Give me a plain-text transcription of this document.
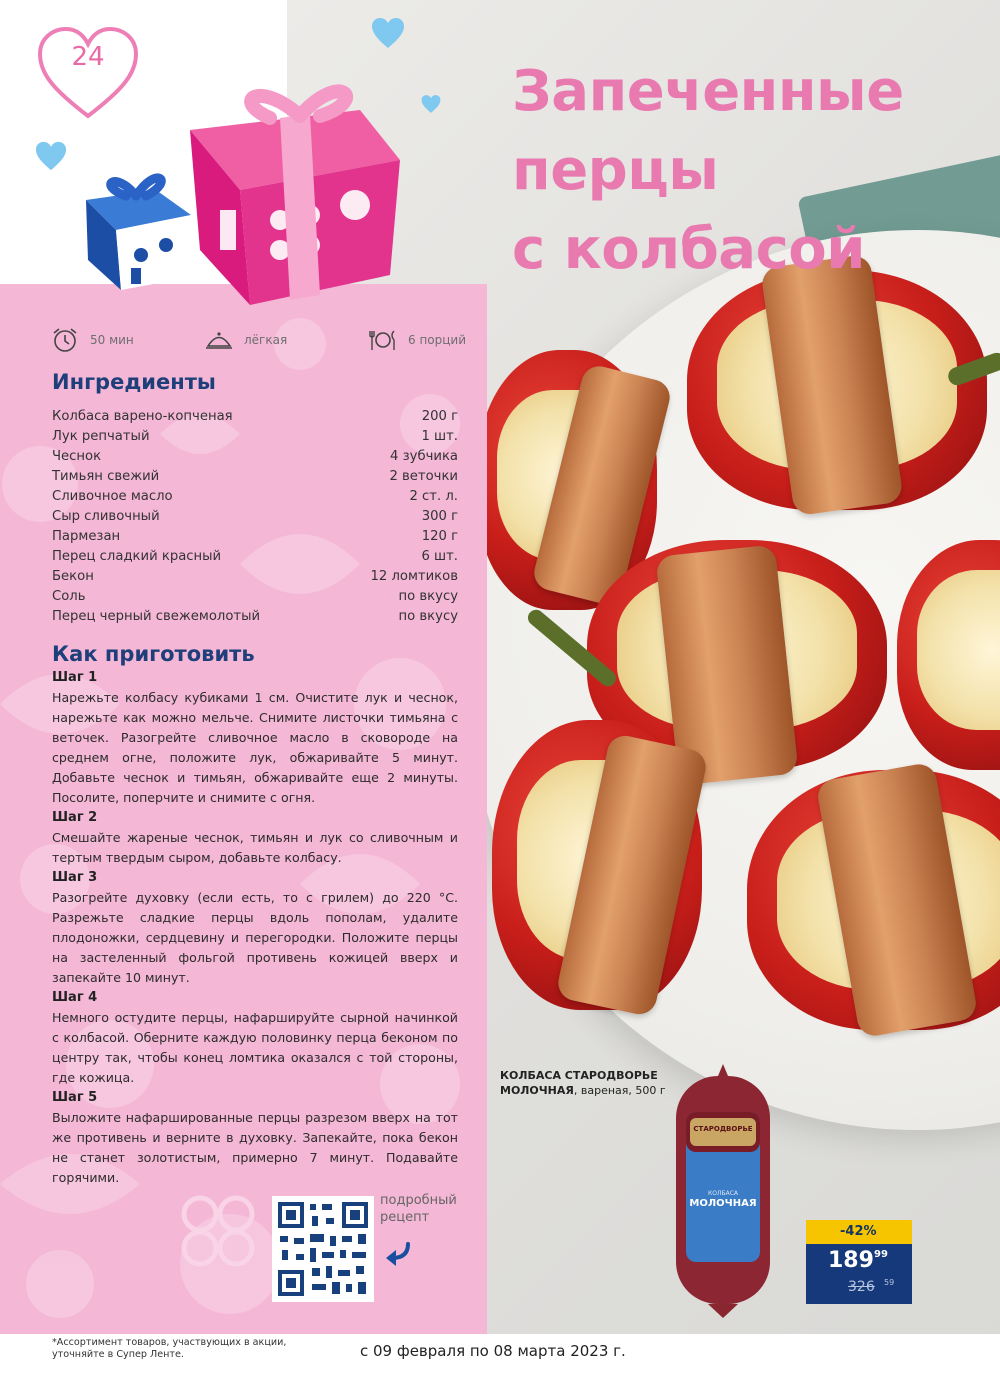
Запеченные
перцы
с колбасой
24
50 мин	лёгкая	6 порций
Ингредиенты
Колбаса варено-копченая	200 г
Лук репчатый	1 шт.
Чеснок	4 зубчика
Тимьян свежий	2 веточки
Сливочное масло	2 ст. л.
Сыр сливочный	300 г
Пармезан	120 г
Перец сладкий красный	6 шт.
Бекон	12 ломтиков
Соль	по вкусу
Перец черный свежемолотый	по вкусу
Как приготовить
Шаг 1
Нарежьте колбасу кубиками 1 см. Очистите лук и чеснок, нарежьте как можно мельче. Снимите листочки тимьяна с веточек. Разогрейте сливочное масло в сковороде на среднем огне, положите лук, обжаривайте 5 минут. Добавьте чеснок и тимьян, обжаривайте еще 2 минуты. Посолите, поперчите и снимите с огня.
Шаг 2
Смешайте жареные чеснок, тимьян и лук со сливочным и тертым твердым сыром, добавьте колбасу.
Шаг 3
Разогрейте духовку (если есть, то с грилем) до 220 °С. Разрежьте сладкие перцы вдоль пополам, удалите плодоножки, сердцевину и перегородки. Положите перцы на застеленный фольгой противень кожицей вверх и запекайте 10 минут.
Шаг 4
Немного остудите перцы, нафаршируйте сырной начинкой с колбасой. Оберните каждую половинку перца беконом по центру так, чтобы конец ломтика оказался с той стороны, где кожица.
Шаг 5
Выложите нафаршированные перцы разрезом вверх на тот же противень и верните в духовку. Запекайте, пока бекон не станет золотистым, примерно 7 минут. Подавайте горячими.
подробный
рецепт
КОЛБАСА СТАРОДВОРЬЕ
МОЛОЧНАЯ, вареная, 500 г
СТАРОДВОРЬЕ
КОЛБАСА
МОЛОЧНАЯ
-42%
189 99
326 59
*Ассортимент товаров, участвующих в акции, уточняйте в Супер Ленте.	с 09 февраля по 08 марта 2023 г.
